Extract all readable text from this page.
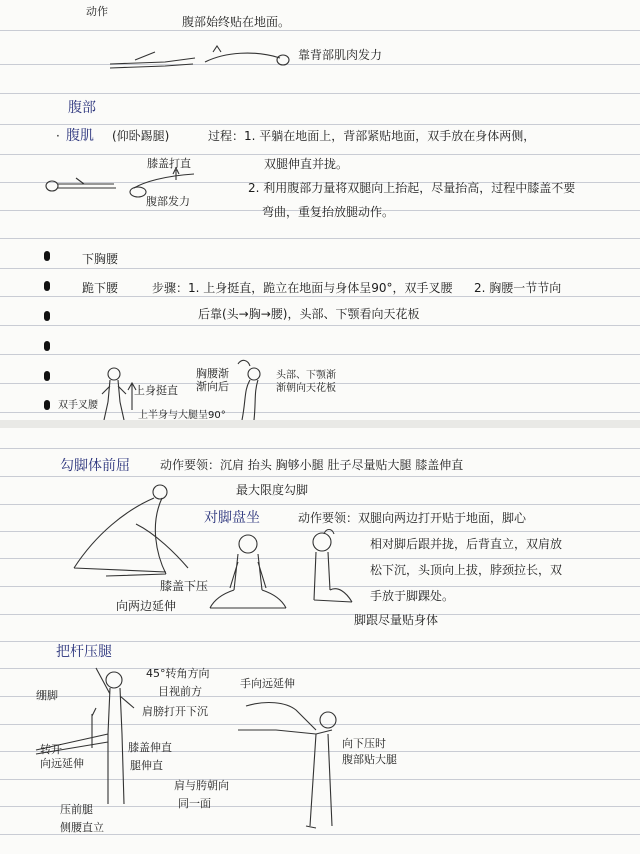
动作
腹部始终贴在地面。
靠背部肌肉发力
腹部
· 腹肌 (仰卧踢腿)	过程：1. 平躺在地面上，背部紧贴地面，双手放在身体两侧，
双腿伸直并拢。
膝盖打直
腹部发力
2. 利用腹部力量将双腿向上抬起，尽量抬高，过程中膝盖不要
弯曲，重复抬放腿动作。
下胸腰
跪下腰	步骤：1. 上身挺直，跪立在地面与身体呈90°，双手叉腰 2. 胸腰一节节向
后靠(头→胸→腰)，头部、下颚看向天花板
上身挺直
胸腰渐渐向后
头部、下颚渐渐朝向天花板
双手叉腰
上半身与大腿呈90°
勾脚体前屈	动作要领：沉肩 抬头 胸够小腿 肚子尽量贴大腿 膝盖伸直
最大限度勾脚
膝盖下压
向两边延伸
对脚盘坐	动作要领：双腿向两边打开贴于地面，脚心
相对脚后跟并拢，后背直立，双肩放
松下沉，头顶向上拔，脖颈拉长，双
手放于脚踝处。
脚跟尽量贴身体
把杆压腿
45°转角方向
目视前方
肩膀打开下沉
手向远延伸
绷脚
转开
向远延伸
膝盖伸直
腿伸直
肩与胯朝向
同一面
向下压时
腹部贴大腿
压前腿
侧腰直立
